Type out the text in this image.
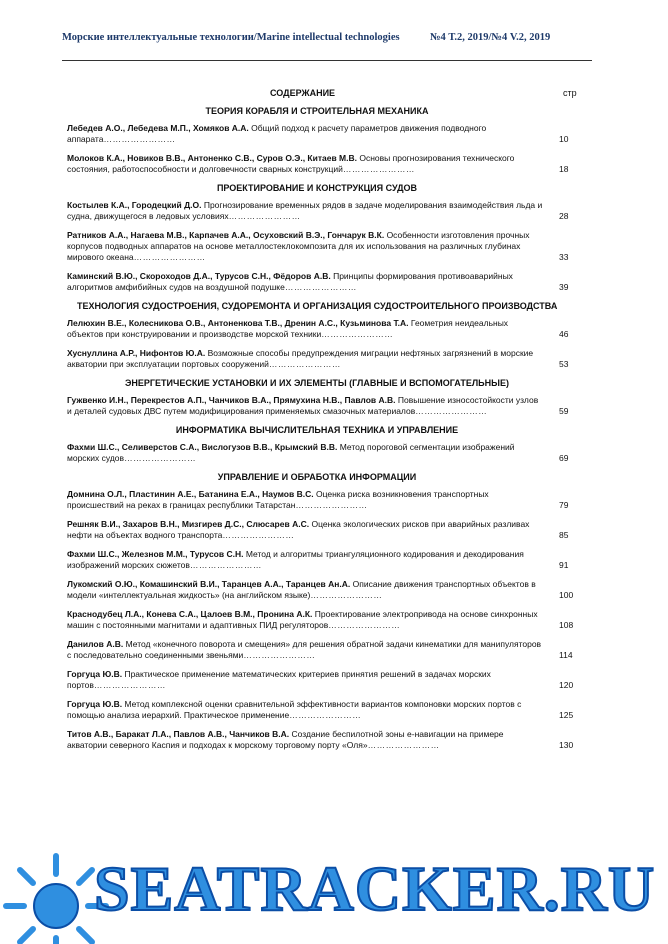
Морские интеллектуальные технологии/Marine intellectual technologies	№4 Т.2, 2019/№4 V.2, 2019
СОДЕРЖАНИЕ	стр
ТЕОРИЯ КОРАБЛЯ И СТРОИТЕЛЬНАЯ МЕХАНИКА
Лебедев А.О., Лебедева М.П., Хомяков А.А. Общий подход к расчету параметров движения подводного аппарата……………………	10
Молоков К.А., Новиков В.В., Антоненко С.В., Суров О.Э., Китаев М.В. Основы прогнозирования технического состояния, работоспособности и долговечности сварных конструкций……………………	18
ПРОЕКТИРОВАНИЕ И КОНСТРУКЦИЯ СУДОВ
Костылев К.А., Городецкий Д.О. Прогнозирование временных рядов в задаче моделирования взаимодействия льда и судна, движущегося в ледовых условиях……………………	28
Ратников А.А., Нагаева М.В., Карпачев А.А., Осуховский В.Э., Гончарук В.К. Особенности изготовления прочных корпусов подводных аппаратов на основе металлостеклокомпозита для их использования на различных глубинах мирового океана……………………	33
Каминский В.Ю., Скороходов Д.А., Турусов С.Н., Фёдоров А.В. Принципы формирования противоаварийных алгоритмов амфибийных судов на воздушной подушке……………………	39
ТЕХНОЛОГИЯ СУДОСТРОЕНИЯ, СУДОРЕМОНТА И ОРГАНИЗАЦИЯ СУДОСТРОИТЕЛЬНОГО ПРОИЗВОДСТВА
Лелюхин В.Е., Колесникова О.В., Антоненкова Т.В., Дренин А.С., Кузьминова Т.А. Геометрия неидеальных объектов при конструировании и производстве морской техники……………………	46
Хуснуллина А.Р., Нифонтов Ю.А. Возможные способы предупреждения миграции нефтяных загрязнений в морские акватории при эксплуатации портовых сооружений……………………	53
ЭНЕРГЕТИЧЕСКИЕ УСТАНОВКИ И ИХ ЭЛЕМЕНТЫ (ГЛАВНЫЕ И ВСПОМОГАТЕЛЬНЫЕ)
Гужвенко И.Н., Перекрестов А.П., Чанчиков В.А., Прямухина Н.В., Павлов А.В. Повышение износостойкости узлов и деталей судовых ДВС путем модифицирования применяемых смазочных материалов……………………	59
ИНФОРМАТИКА ВЫЧИСЛИТЕЛЬНАЯ ТЕХНИКА И УПРАВЛЕНИЕ
Фахми Ш.С., Селиверстов С.А., Вислогузов В.В., Крымский В.В. Метод пороговой сегментации изображений морских судов……………………	69
УПРАВЛЕНИЕ И ОБРАБОТКА ИНФОРМАЦИИ
Домнина О.Л., Пластинин А.Е., Батанина Е.А., Наумов В.С. Оценка риска возникновения транспортных происшествий на реках в границах республики Татарстан……………………	79
Решняк В.И., Захаров В.Н., Мизгирев Д.С., Слюсарев А.С. Оценка экологических рисков при аварийных разливах нефти на объектах водного транспорта……………………	85
Фахми Ш.С., Железнов М.М., Турусов С.Н. Метод и алгоритмы триангуляционного кодирования и декодирования изображений морских сюжетов……………………	91
Лукомский О.Ю., Комашинский В.И., Таранцев А.А., Таранцев Ан.А. Описание движения транспортных объектов в модели «интеллектуальная жидкость» (на английском языке)……………………	100
Краснодубец Л.А., Конева С.А., Цалоев В.М., Пронина А.К. Проектирование электропривода на основе синхронных машин с постоянными магнитами и адаптивных ПИД регуляторов……………………	108
Данилов А.В. Метод «конечного поворота и смещения» для решения обратной задачи кинематики для манипуляторов с последовательно соединенными звеньями……………………	114
Горгуца Ю.В. Практическое применение математических критериев принятия решений в задачах морских портов……………………	120
Горгуца Ю.В. Метод комплексной оценки сравнительной эффективности вариантов компоновки морских портов с помощью анализа иерархий. Практическое применение……………………	125
Титов А.В., Баракат Л.А., Павлов А.В., Чанчиков В.А. Создание беспилотной зоны е-навигации на примере акватории северного Каспия и подходах к морскому торговому порту «Оля»……………………	130
SEATRACKER.RU
